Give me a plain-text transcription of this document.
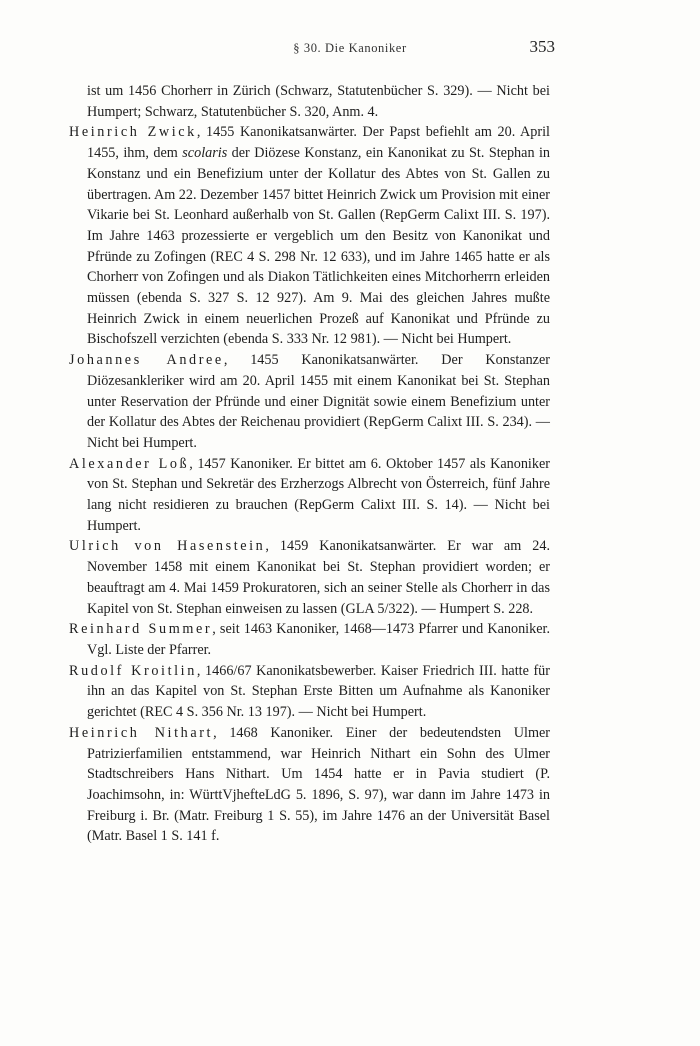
§ 30. Die Kanoniker	353

ist um 1456 Chorherr in Zürich (Schwarz, Statutenbücher S. 329). — Nicht bei Humpert; Schwarz, Statutenbücher S. 320, Anm. 4.

Heinrich Zwick, 1455 Kanonikatsanwärter. Der Papst befiehlt am 20. April 1455, ihm, dem scolaris der Diözese Konstanz, ein Kanonikat zu St. Stephan in Konstanz und ein Benefizium unter der Kollatur des Abtes von St. Gallen zu übertragen. Am 22. Dezember 1457 bittet Heinrich Zwick um Provision mit einer Vikarie bei St. Leonhard außerhalb von St. Gallen (RepGerm Calixt III. S. 197). Im Jahre 1463 prozessierte er vergeblich um den Besitz von Kanonikat und Pfründe zu Zofingen (REC 4 S. 298 Nr. 12 633), und im Jahre 1465 hatte er als Chorherr von Zofingen und als Diakon Tätlichkeiten eines Mitchorherrn erleiden müssen (ebenda S. 327 S. 12 927). Am 9. Mai des gleichen Jahres mußte Heinrich Zwick in einem neuerlichen Prozeß auf Kanonikat und Pfründe zu Bischofszell verzichten (ebenda S. 333 Nr. 12 981). — Nicht bei Humpert.

Johannes Andree, 1455 Kanonikatsanwärter. Der Konstanzer Diözesankleriker wird am 20. April 1455 mit einem Kanonikat bei St. Stephan unter Reservation der Pfründe und einer Dignität sowie einem Benefizium unter der Kollatur des Abtes der Reichenau providiert (RepGerm Calixt III. S. 234). — Nicht bei Humpert.

Alexander Loß, 1457 Kanoniker. Er bittet am 6. Oktober 1457 als Kanoniker von St. Stephan und Sekretär des Erzherzogs Albrecht von Österreich, fünf Jahre lang nicht residieren zu brauchen (RepGerm Calixt III. S. 14). — Nicht bei Humpert.

Ulrich von Hasenstein, 1459 Kanonikatsanwärter. Er war am 24. November 1458 mit einem Kanonikat bei St. Stephan providiert worden; er beauftragt am 4. Mai 1459 Prokuratoren, sich an seiner Stelle als Chorherr in das Kapitel von St. Stephan einweisen zu lassen (GLA 5/322). — Humpert S. 228.

Reinhard Summer, seit 1463 Kanoniker, 1468—1473 Pfarrer und Kanoniker. Vgl. Liste der Pfarrer.

Rudolf Kroitlin, 1466/67 Kanonikatsbewerber. Kaiser Friedrich III. hatte für ihn an das Kapitel von St. Stephan Erste Bitten um Aufnahme als Kanoniker gerichtet (REC 4 S. 356 Nr. 13 197). — Nicht bei Humpert.

Heinrich Nithart, 1468 Kanoniker. Einer der bedeutendsten Ulmer Patrizierfamilien entstammend, war Heinrich Nithart ein Sohn des Ulmer Stadtschreibers Hans Nithart. Um 1454 hatte er in Pavia studiert (P. Joachimsohn, in: WürttVjhefteLdG 5. 1896, S. 97), war dann im Jahre 1473 in Freiburg i. Br. (Matr. Freiburg 1 S. 55), im Jahre 1476 an der Universität Basel (Matr. Basel 1 S. 141 f.
